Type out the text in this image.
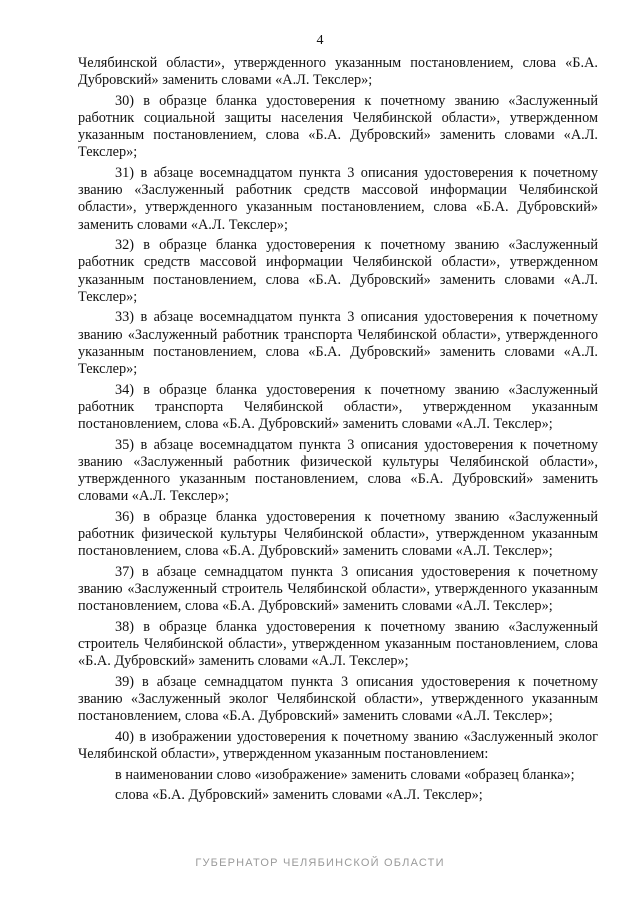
4

Челябинской области», утвержденного указанным постановлением, слова «Б.А. Дубровский» заменить словами «А.Л. Текслер»;

30) в образце бланка удостоверения к почетному званию «Заслуженный работник социальной защиты населения Челябинской области», утвержденном указанным постановлением, слова «Б.А. Дубровский» заменить словами «А.Л. Текслер»;

31) в абзаце восемнадцатом пункта 3 описания удостоверения к почетному званию «Заслуженный работник средств массовой информации Челябинской области», утвержденного указанным постановлением, слова «Б.А. Дубровский» заменить словами «А.Л. Текслер»;

32) в образце бланка удостоверения к почетному званию «Заслуженный работник средств массовой информации Челябинской области», утвержденном указанным постановлением, слова «Б.А. Дубровский» заменить словами «А.Л. Текслер»;

33) в абзаце восемнадцатом пункта 3 описания удостоверения к почетному званию «Заслуженный работник транспорта Челябинской области», утвержденного указанным постановлением, слова «Б.А. Дубровский» заменить словами «А.Л. Текслер»;

34) в образце бланка удостоверения к почетному званию «Заслуженный работник транспорта Челябинской области», утвержденном указанным постановлением, слова «Б.А. Дубровский» заменить словами «А.Л. Текслер»;

35) в абзаце восемнадцатом пункта 3 описания удостоверения к почетному званию «Заслуженный работник физической культуры Челябинской области», утвержденного указанным постановлением, слова «Б.А. Дубровский» заменить словами «А.Л. Текслер»;

36) в образце бланка удостоверения к почетному званию «Заслуженный работник физической культуры Челябинской области», утвержденном указанным постановлением, слова «Б.А. Дубровский» заменить словами «А.Л. Текслер»;

37) в абзаце семнадцатом пункта 3 описания удостоверения к почетному званию «Заслуженный строитель Челябинской области», утвержденного указанным постановлением, слова «Б.А. Дубровский» заменить словами «А.Л. Текслер»;

38) в образце бланка удостоверения к почетному званию «Заслуженный строитель Челябинской области», утвержденном указанным постановлением, слова «Б.А. Дубровский» заменить словами «А.Л. Текслер»;

39) в абзаце семнадцатом пункта 3 описания удостоверения к почетному званию «Заслуженный эколог Челябинской области», утвержденного указанным постановлением, слова «Б.А. Дубровский» заменить словами «А.Л. Текслер»;

40) в изображении удостоверения к почетному званию «Заслуженный эколог Челябинской области», утвержденном указанным постановлением:

в наименовании слово «изображение» заменить словами «образец бланка»;

слова «Б.А. Дубровский» заменить словами «А.Л. Текслер»;

ГУБЕРНАТОР ЧЕЛЯБИНСКОЙ ОБЛАСТИ
